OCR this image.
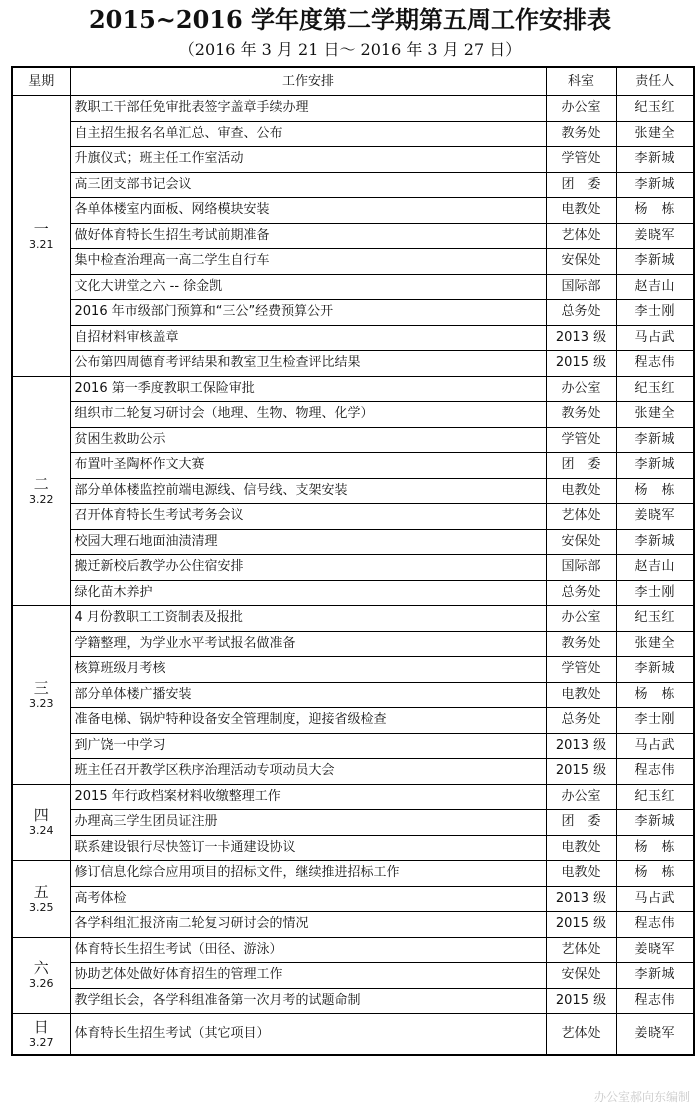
2015~2016 学年度第二学期第五周工作安排表
（2016 年 3 月 21 日～ 2016 年 3 月 27 日）
星期	工作安排	科室	责任人

一
3.21	教职工干部任免审批表签字盖章手续办理	办公室	纪玉红
	自主招生报名名单汇总、审查、公布	教务处	张建全
	升旗仪式；班主任工作室活动	学管处	李新城
	高三团支部书记会议	团　委	李新城
	各单体楼室内面板、网络模块安装	电教处	杨　栋
	做好体育特长生招生考试前期准备	艺体处	姜晓军
	集中检查治理高一高二学生自行车	安保处	李新城
	文化大讲堂之六 -- 徐金凯	国际部	赵吉山
	2016 年市级部门预算和“三公”经费预算公开	总务处	李士刚
	自招材料审核盖章	2013 级	马占武
	公布第四周德育考评结果和教室卫生检查评比结果	2015 级	程志伟

二
3.22	2016 第一季度教职工保险审批	办公室	纪玉红
	组织市二轮复习研讨会（地理、生物、物理、化学）	教务处	张建全
	贫困生救助公示	学管处	李新城
	布置叶圣陶杯作文大赛	团　委	李新城
	部分单体楼监控前端电源线、信号线、支架安装	电教处	杨　栋
	召开体育特长生考试考务会议	艺体处	姜晓军
	校园大理石地面油渍清理	安保处	李新城
	搬迁新校后教学办公住宿安排	国际部	赵吉山
	绿化苗木养护	总务处	李士刚

三
3.23	4 月份教职工工资制表及报批	办公室	纪玉红
	学籍整理，为学业水平考试报名做准备	教务处	张建全
	核算班级月考核	学管处	李新城
	部分单体楼广播安装	电教处	杨　栋
	准备电梯、锅炉特种设备安全管理制度，迎接省级检查	总务处	李士刚
	到广饶一中学习	2013 级	马占武
	班主任召开教学区秩序治理活动专项动员大会	2015 级	程志伟

四
3.24	2015 年行政档案材料收缴整理工作	办公室	纪玉红
	办理高三学生团员证注册	团　委	李新城
	联系建设银行尽快签订一卡通建设协议	电教处	杨　栋

五
3.25	修订信息化综合应用项目的招标文件，继续推进招标工作	电教处	杨　栋
	高考体检	2013 级	马占武
	各学科组汇报济南二轮复习研讨会的情况	2015 级	程志伟

六
3.26	体育特长生招生考试（田径、游泳）	艺体处	姜晓军
	协助艺体处做好体育招生的管理工作	安保处	李新城
	教学组长会，各学科组准备第一次月考的试题命制	2015 级	程志伟

日
3.27	体育特长生招生考试（其它项目）	艺体处	姜晓军
办公室郝向东编制
